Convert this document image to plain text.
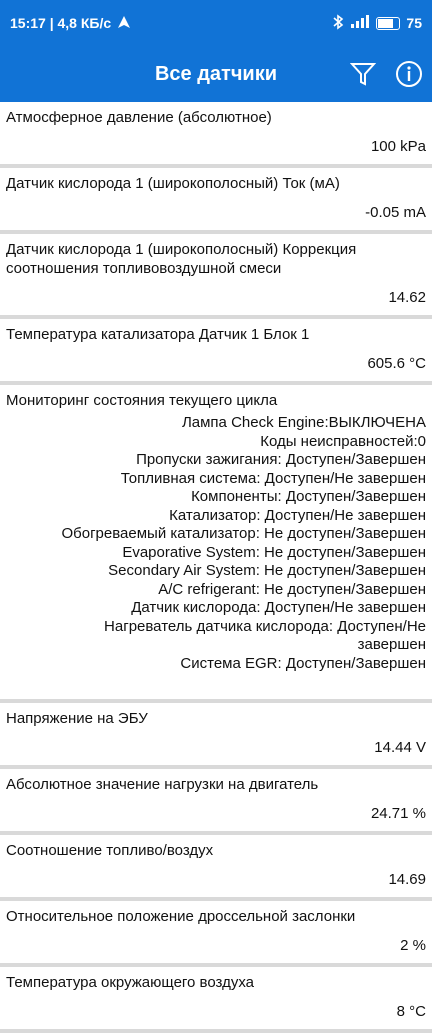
15:17 | 4,8 КБ/с	75
Все датчики
Атмосферное давление (абсолютное)
100 kPa
Датчик кислорода 1 (широкополосный) Ток (мА)
-0.05 mA
Датчик кислорода 1 (широкополосный) Коррекция соотношения топливовоздушной смеси
14.62
Температура катализатора Датчик 1 Блок 1
605.6 °C
Мониторинг состояния текущего цикла
Лампа Check Engine:ВЫКЛЮЧЕНА
Коды неисправностей:0
Пропуски зажигания: Доступен/Завершен
Топливная система: Доступен/Не завершен
Компоненты: Доступен/Завершен
Катализатор: Доступен/Не завершен
Обогреваемый катализатор: Не доступен/Завершен
Evaporative System: Не доступен/Завершен
Secondary Air System: Не доступен/Завершен
A/C refrigerant: Не доступен/Завершен
Датчик кислорода: Доступен/Не завершен
Нагреватель датчика кислорода: Доступен/Не
завершен
Система EGR: Доступен/Завершен
Напряжение на ЭБУ
14.44 V
Абсолютное значение нагрузки на двигатель
24.71 %
Соотношение топливо/воздух
14.69
Относительное положение дроссельной заслонки
2 %
Температура окружающего воздуха
8 °C
